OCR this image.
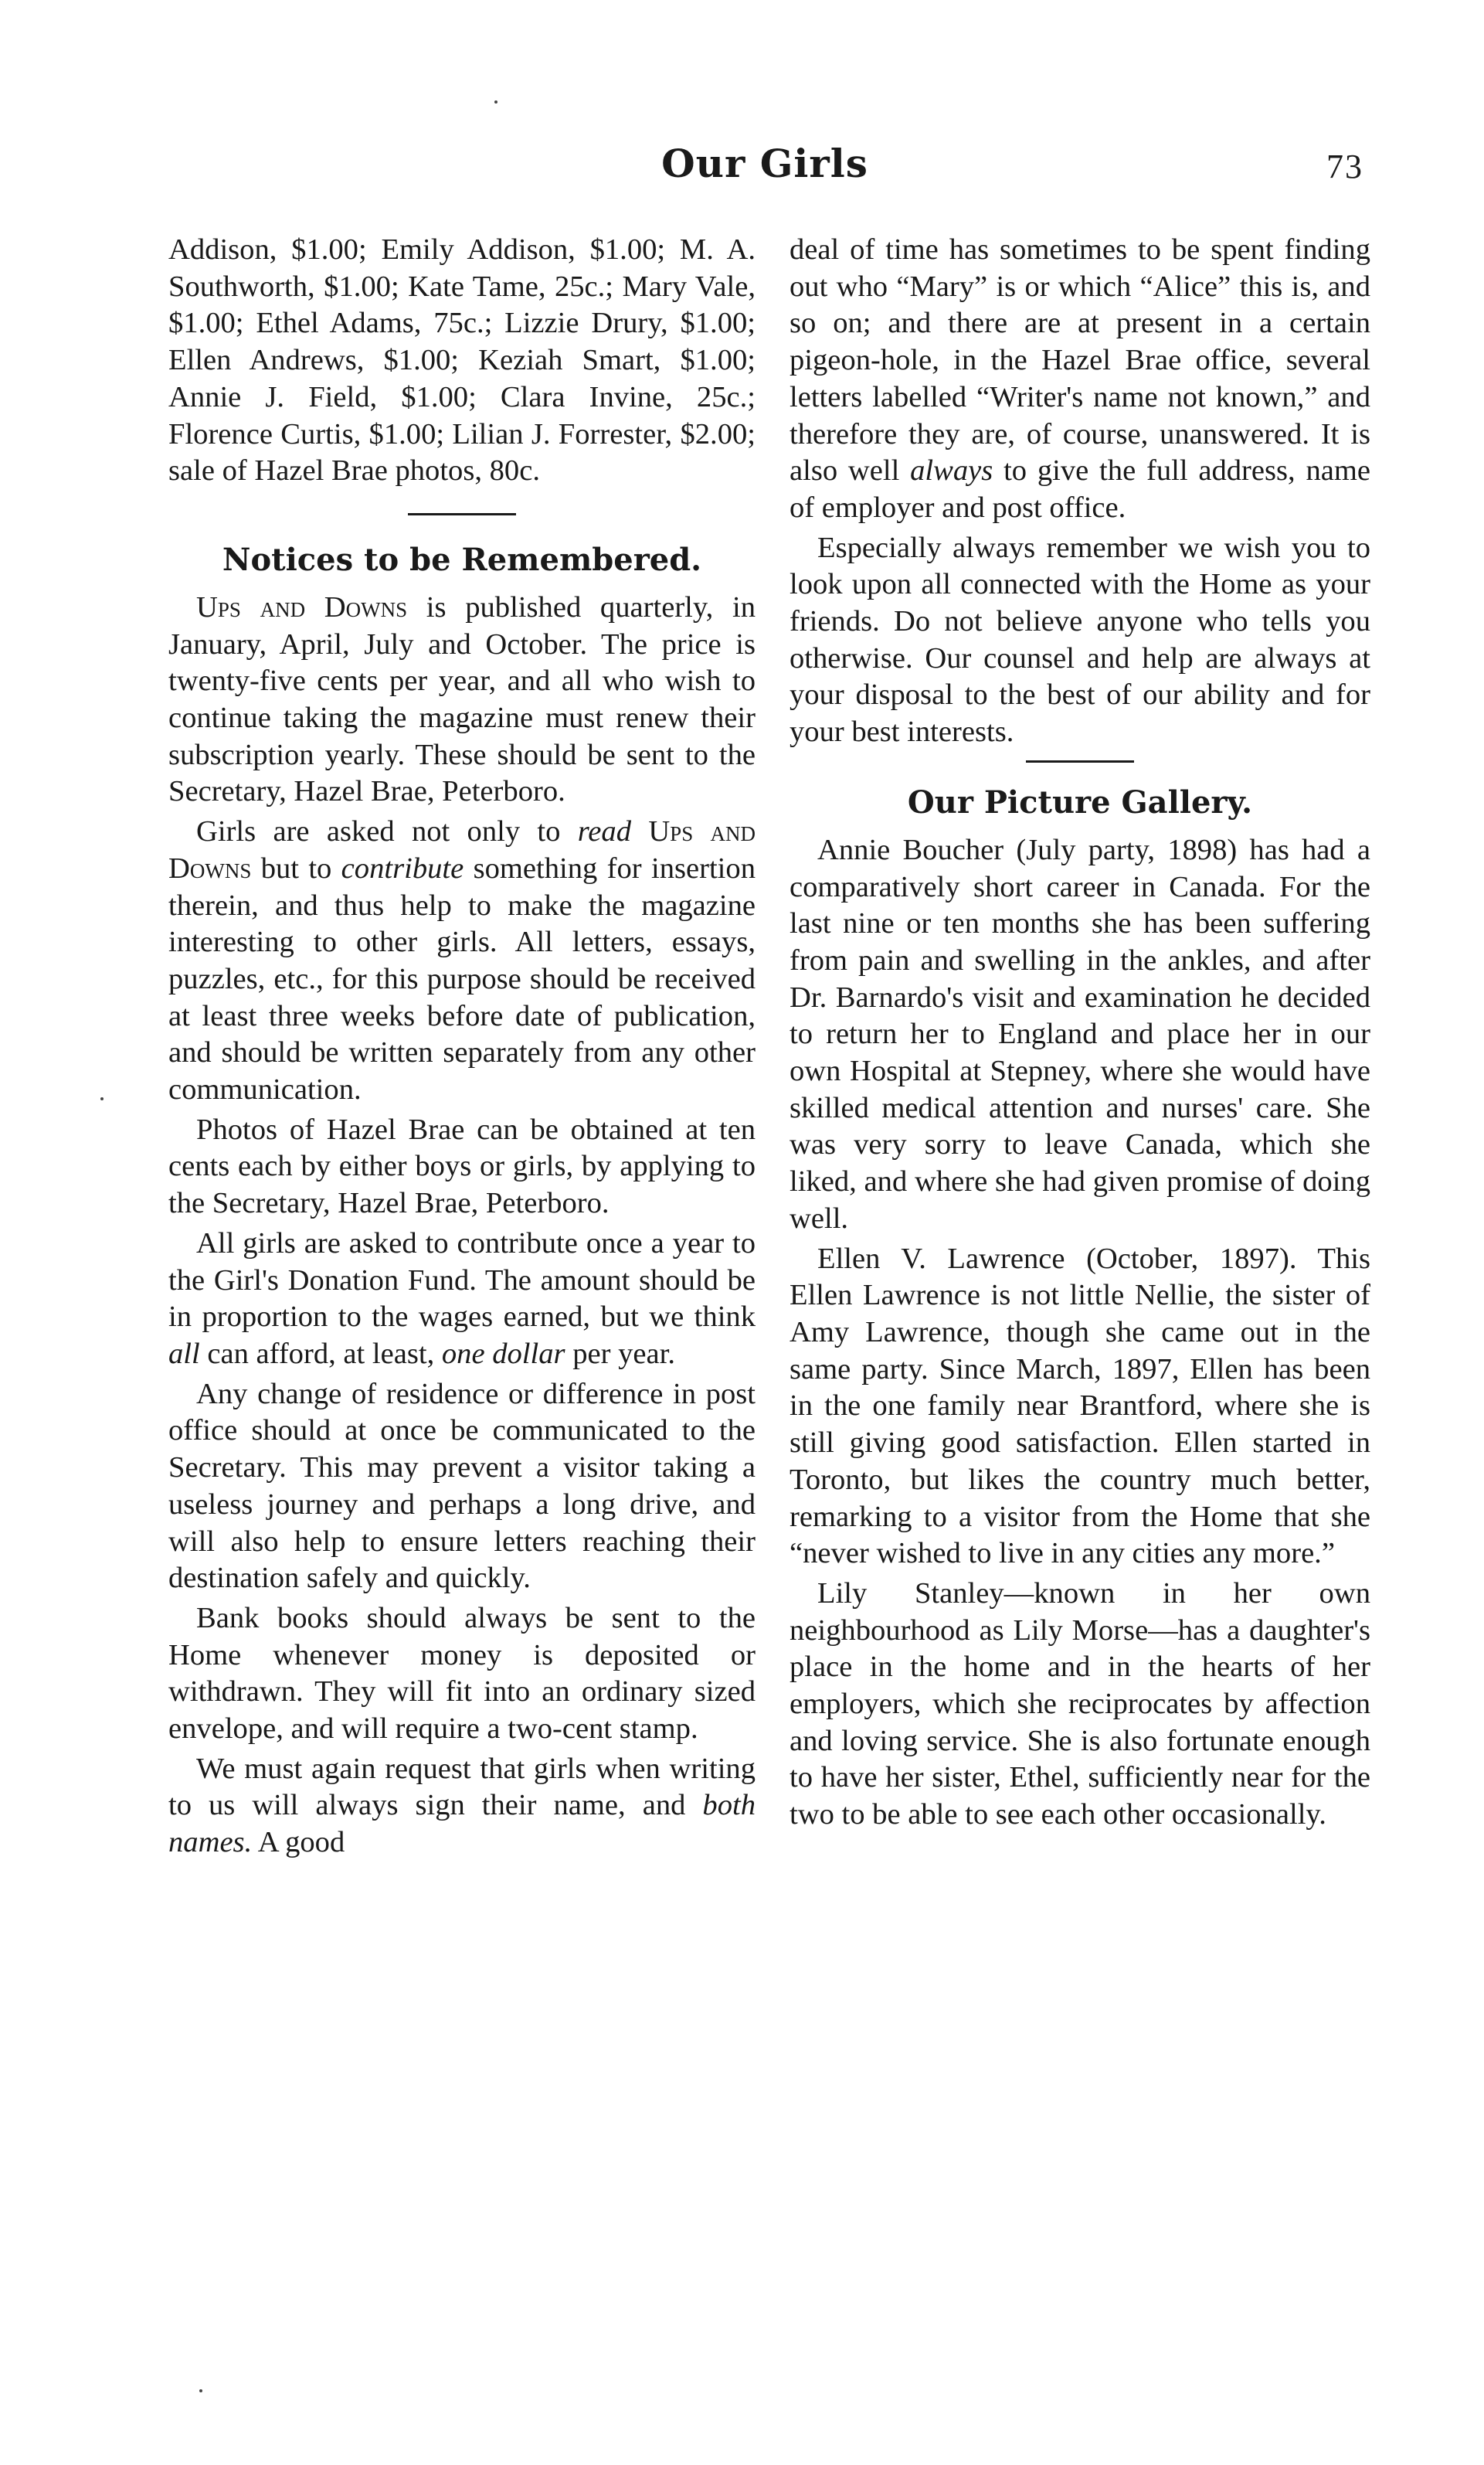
Our Girls	73

Addison, $1.00; Emily Addison, $1.00; M. A. Southworth, $1.00; Kate Tame, 25c.; Mary Vale, $1.00; Ethel Adams, 75c.; Lizzie Drury, $1.00; Ellen Andrews, $1.00; Keziah Smart, $1.00; Annie J. Field, $1.00; Clara Invine, 25c.; Florence Curtis, $1.00; Lilian J. Forrester, $2.00; sale of Hazel Brae photos, 80c.

Notices to be Remembered.

Ups and Downs is published quarterly, in January, April, July and October. The price is twenty-five cents per year, and all who wish to continue taking the magazine must renew their subscription yearly. These should be sent to the Secretary, Hazel Brae, Peterboro.

Girls are asked not only to read Ups and Downs but to contribute something for insertion therein, and thus help to make the magazine interesting to other girls. All letters, essays, puzzles, etc., for this purpose should be received at least three weeks before date of publication, and should be written separately from any other communication.

Photos of Hazel Brae can be obtained at ten cents each by either boys or girls, by applying to the Secretary, Hazel Brae, Peterboro.

All girls are asked to contribute once a year to the Girl's Donation Fund. The amount should be in proportion to the wages earned, but we think all can afford, at least, one dollar per year.

Any change of residence or difference in post office should at once be communicated to the Secretary. This may prevent a visitor taking a useless journey and perhaps a long drive, and will also help to ensure letters reaching their destination safely and quickly.

Bank books should always be sent to the Home whenever money is deposited or withdrawn. They will fit into an ordinary sized envelope, and will require a two-cent stamp.

We must again request that girls when writing to us will always sign their name, and both names. A good

deal of time has sometimes to be spent finding out who “Mary” is or which “Alice” this is, and so on; and there are at present in a certain pigeon-hole, in the Hazel Brae office, several letters labelled “Writer's name not known,” and therefore they are, of course, unanswered. It is also well always to give the full address, name of employer and post office.

Especially always remember we wish you to look upon all connected with the Home as your friends. Do not believe anyone who tells you otherwise. Our counsel and help are always at your disposal to the best of our ability and for your best interests.

Our Picture Gallery.

Annie Boucher (July party, 1898) has had a comparatively short career in Canada. For the last nine or ten months she has been suffering from pain and swelling in the ankles, and after Dr. Barnardo's visit and examination he decided to return her to England and place her in our own Hospital at Stepney, where she would have skilled medical attention and nurses' care. She was very sorry to leave Canada, which she liked, and where she had given promise of doing well.

Ellen V. Lawrence (October, 1897). This Ellen Lawrence is not little Nellie, the sister of Amy Lawrence, though she came out in the same party. Since March, 1897, Ellen has been in the one family near Brantford, where she is still giving good satisfaction. Ellen started in Toronto, but likes the country much better, remarking to a visitor from the Home that she “never wished to live in any cities any more.”

Lily Stanley—known in her own neighbourhood as Lily Morse—has a daughter's place in the home and in the hearts of her employers, which she reciprocates by affection and loving service. She is also fortunate enough to have her sister, Ethel, sufficiently near for the two to be able to see each other occasionally.
